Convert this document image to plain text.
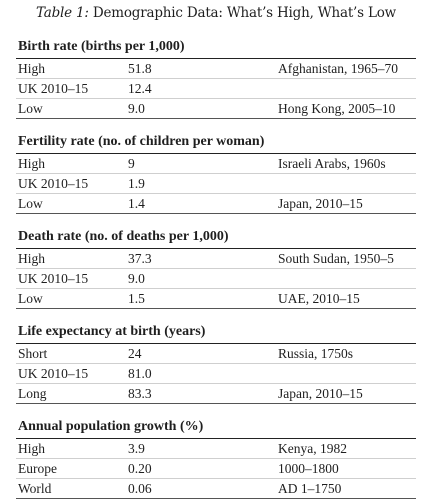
Table 1: Demographic Data: What’s High, What’s Low
Birth rate (births per 1,000)
High	51.8	Afghanistan, 1965–70
UK 2010–15	12.4
Low	9.0	Hong Kong, 2005–10
Fertility rate (no. of children per woman)
High	9	Israeli Arabs, 1960s
UK 2010–15	1.9
Low	1.4	Japan, 2010–15
Death rate (no. of deaths per 1,000)
High	37.3	South Sudan, 1950–5
UK 2010–15	9.0
Low	1.5	UAE, 2010–15
Life expectancy at birth (years)
Short	24	Russia, 1750s
UK 2010–15	81.0
Long	83.3	Japan, 2010–15
Annual population growth (%)
High	3.9	Kenya, 1982
Europe	0.20	1000–1800
World	0.06	AD 1–1750
